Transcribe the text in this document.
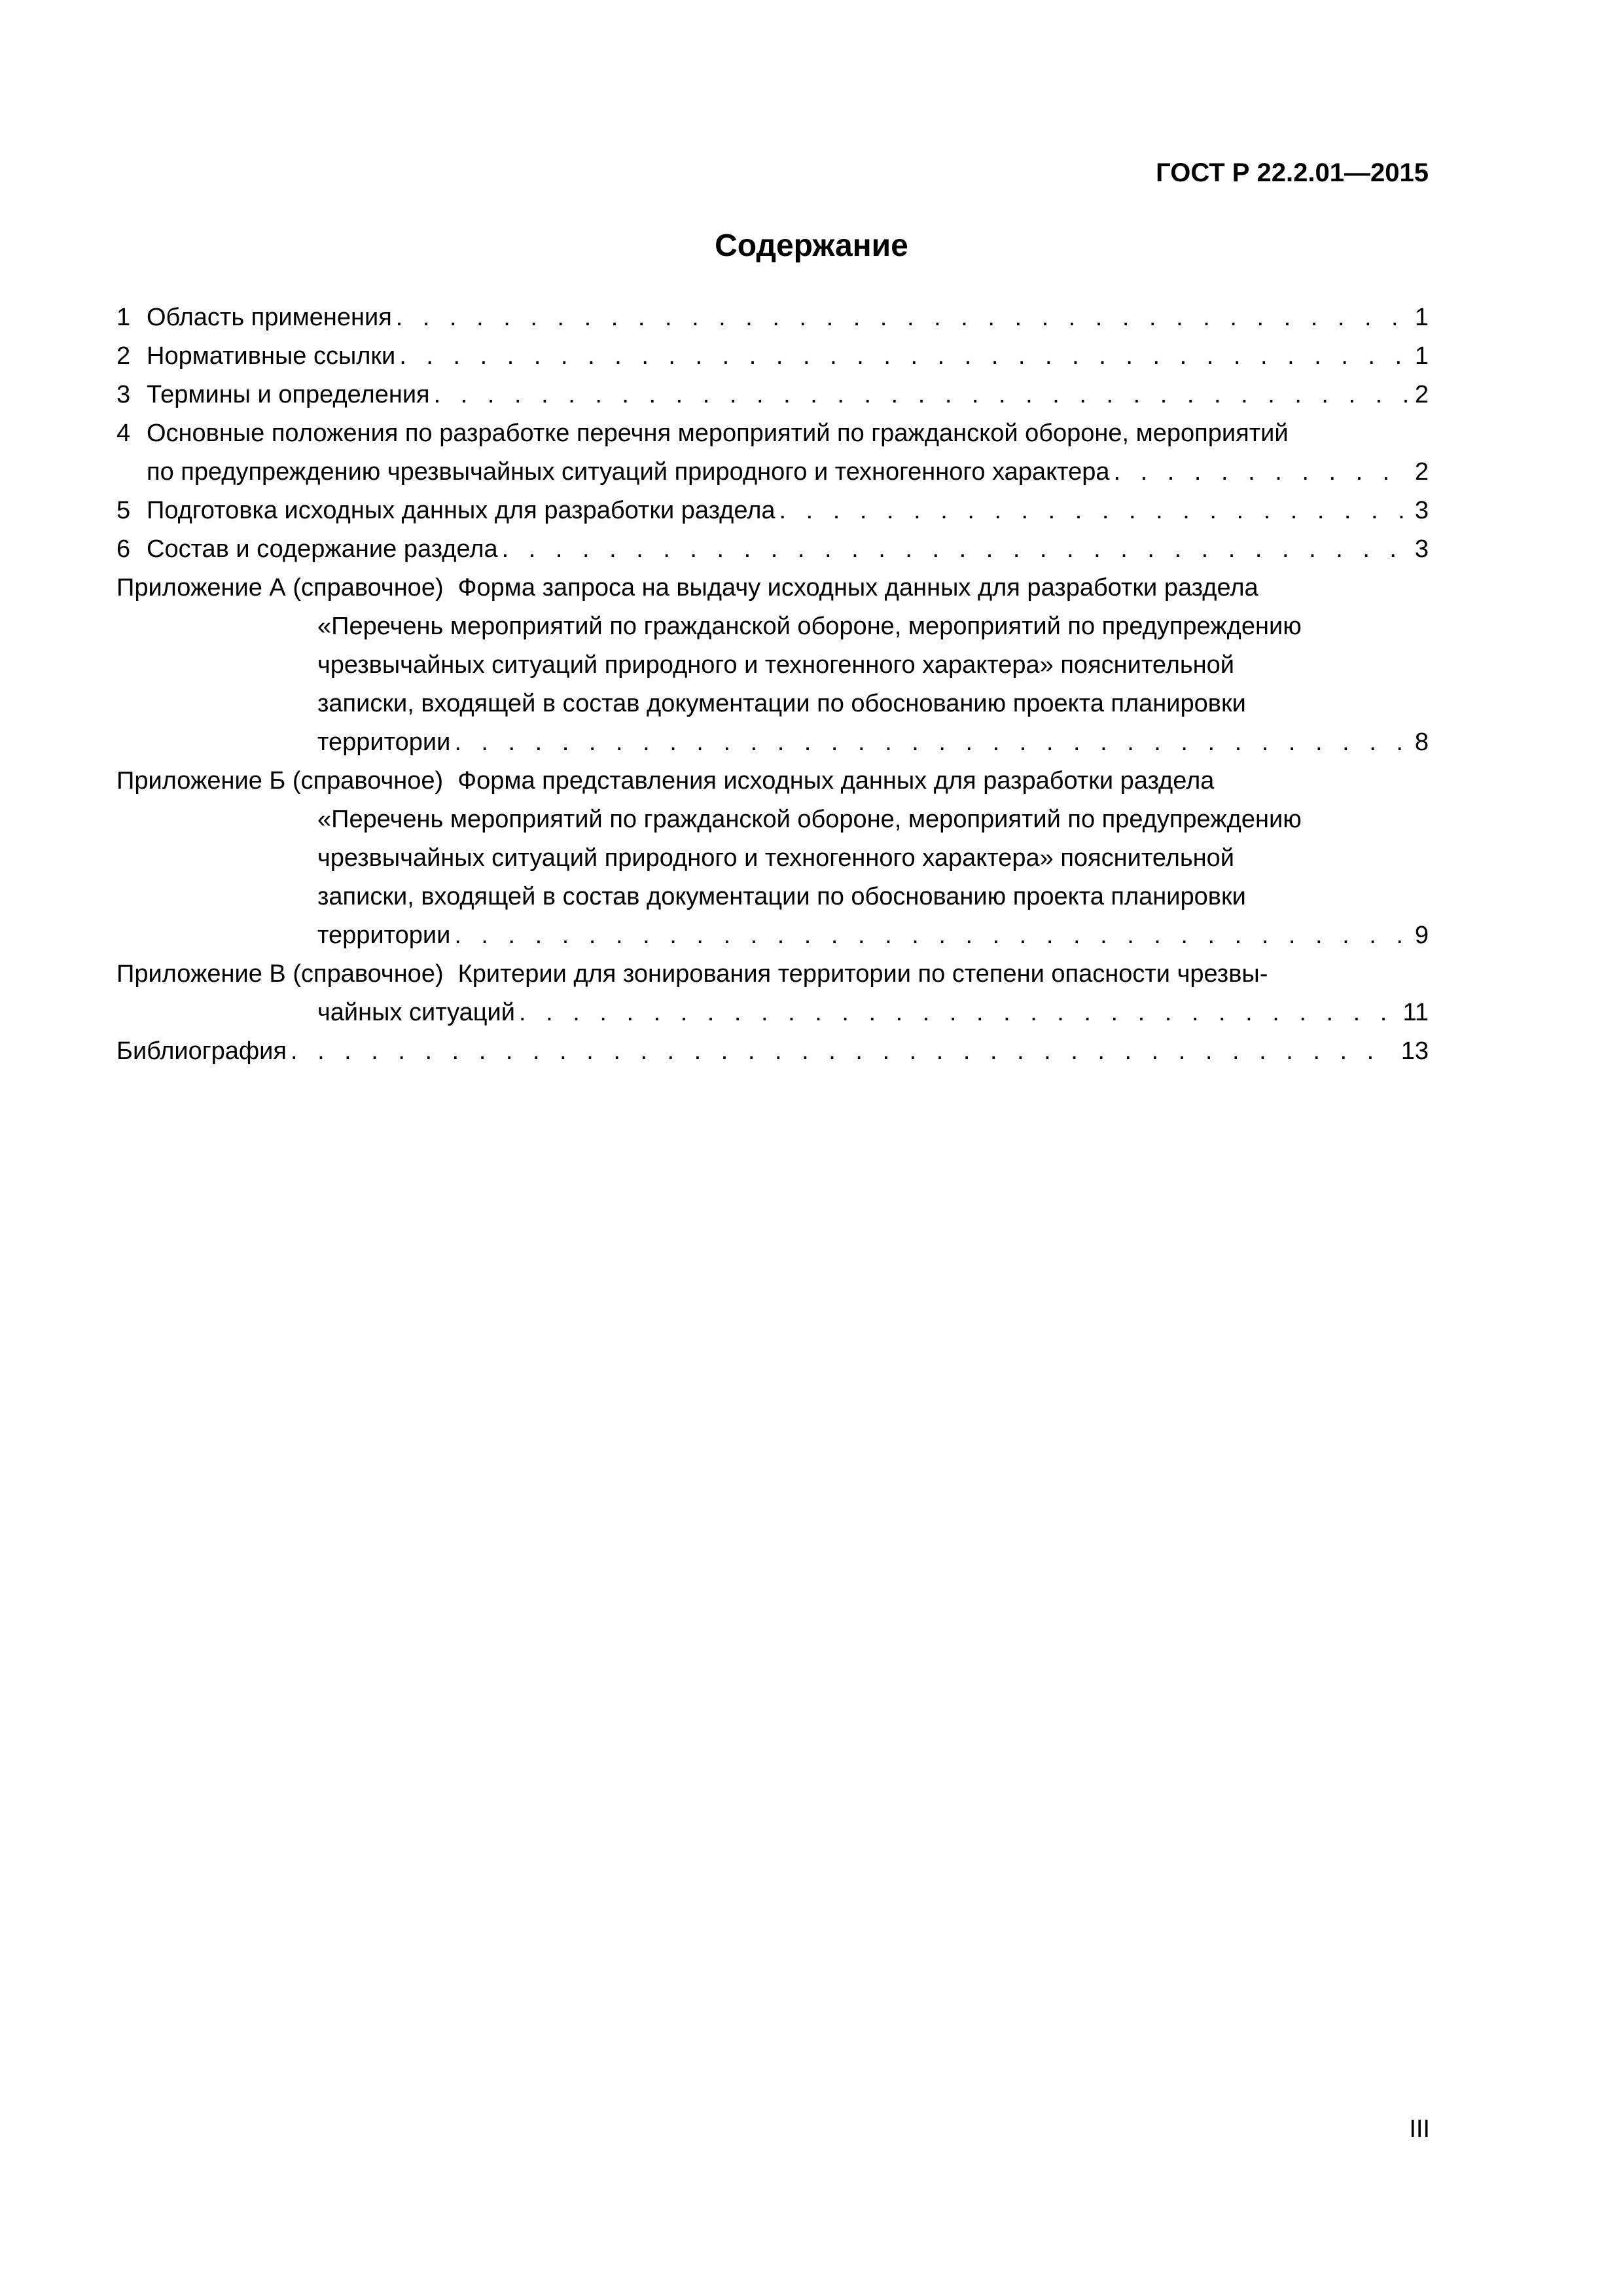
ГОСТ Р 22.2.01—2015
Содержание
1 Область применения . . .	1
2 Нормативные ссылки . . .	1
3 Термины и определения . . .	2
4 Основные положения по разработке перечня мероприятий по гражданской обороне, мероприятий
по предупреждению чрезвычайных ситуаций природного и техногенного характера . . .	2
5 Подготовка исходных данных для разработки раздела . . .	3
6 Состав и содержание раздела . . .	3
Приложение А (справочное) Форма запроса на выдачу исходных данных для разработки раздела
«Перечень мероприятий по гражданской обороне, мероприятий по предупреждению
чрезвычайных ситуаций природного и техногенного характера» пояснительной
записки, входящей в состав документации по обоснованию проекта планировки
территории . . .	8
Приложение Б (справочное) Форма представления исходных данных для разработки раздела
«Перечень мероприятий по гражданской обороне, мероприятий по предупреждению
чрезвычайных ситуаций природного и техногенного характера» пояснительной
записки, входящей в состав документации по обоснованию проекта планировки
территории . . .	9
Приложение В (справочное) Критерии для зонирования территории по степени опасности чрезвы-
чайных ситуаций . . .	11
Библиография . . .	13
III
